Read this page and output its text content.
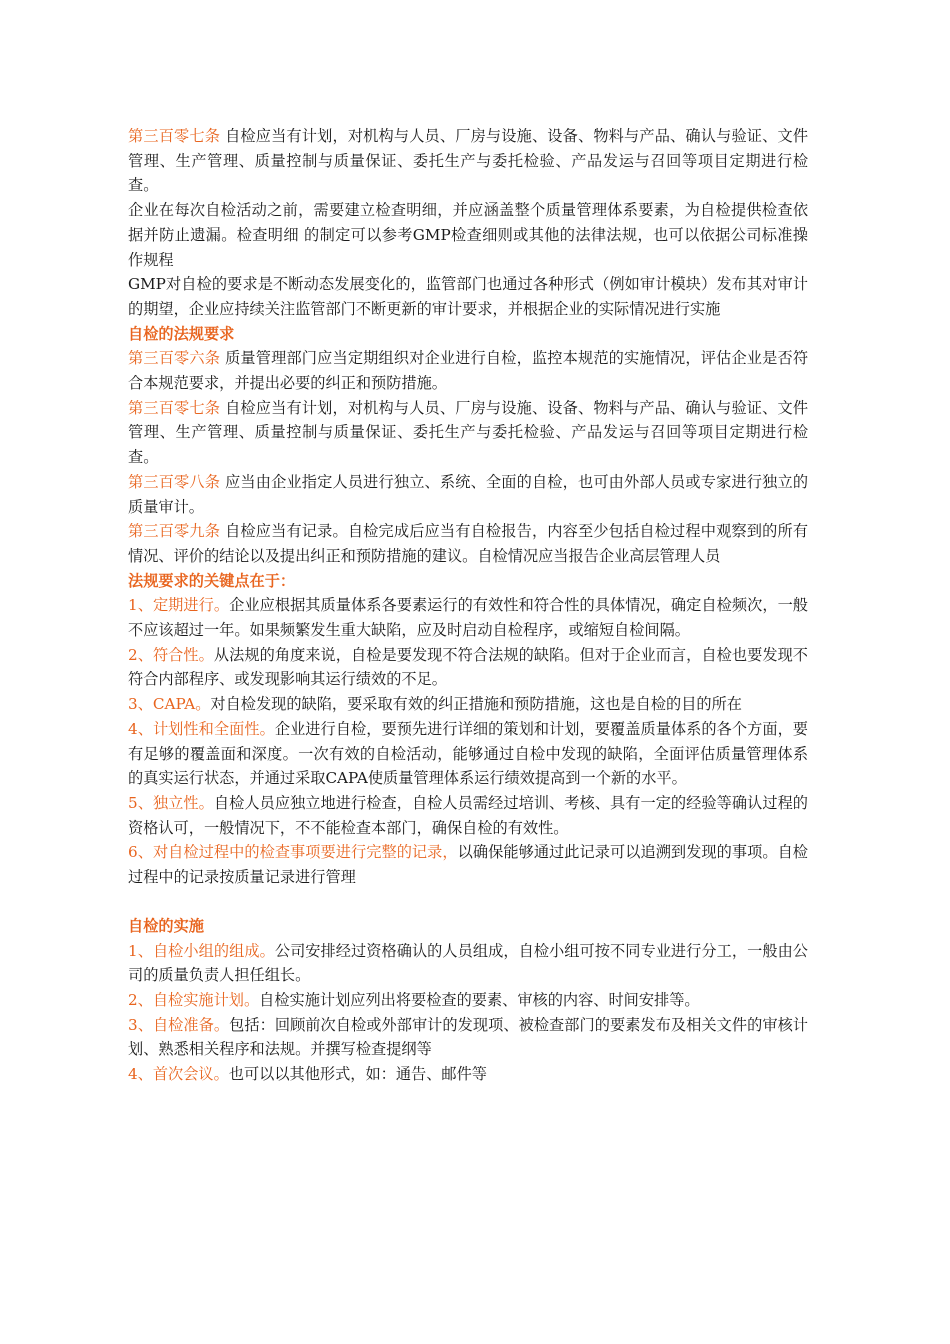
第三百零七条 自检应当有计划，对机构与人员、厂房与设施、设备、物料与产品、确认与验证、文件管理、生产管理、质量控制与质量保证、委托生产与委托检验、产品发运与召回等项目定期进行检查。

企业在每次自检活动之前，需要建立检查明细，并应涵盖整个质量管理体系要素，为自检提供检查依据并防止遗漏。检查明细 的制定可以参考GMP检查细则或其他的法律法规，也可以依据公司标准操作规程

GMP对自检的要求是不断动态发展变化的，监管部门也通过各种形式（例如审计模块）发布其对审计的期望，企业应持续关注监管部门不断更新的审计要求，并根据企业的实际情况进行实施

自检的法规要求

第三百零六条 质量管理部门应当定期组织对企业进行自检，监控本规范的实施情况，评估企业是否符合本规范要求，并提出必要的纠正和预防措施。

第三百零七条 自检应当有计划，对机构与人员、厂房与设施、设备、物料与产品、确认与验证、文件管理、生产管理、质量控制与质量保证、委托生产与委托检验、产品发运与召回等项目定期进行检查。

第三百零八条 应当由企业指定人员进行独立、系统、全面的自检，也可由外部人员或专家进行独立的质量审计。

第三百零九条 自检应当有记录。自检完成后应当有自检报告，内容至少包括自检过程中观察到的所有情况、评价的结论以及提出纠正和预防措施的建议。自检情况应当报告企业高层管理人员

法规要求的关键点在于：

1、定期进行。企业应根据其质量体系各要素运行的有效性和符合性的具体情况，确定自检频次，一般不应该超过一年。如果频繁发生重大缺陷，应及时启动自检程序，或缩短自检间隔。

2、符合性。从法规的角度来说，自检是要发现不符合法规的缺陷。但对于企业而言，自检也要发现不符合内部程序、或发现影响其运行绩效的不足。

3、CAPA。对自检发现的缺陷，要采取有效的纠正措施和预防措施，这也是自检的目的所在

4、计划性和全面性。企业进行自检，要预先进行详细的策划和计划，要覆盖质量体系的各个方面，要有足够的覆盖面和深度。一次有效的自检活动，能够通过自检中发现的缺陷，全面评估质量管理体系的真实运行状态，并通过采取CAPA使质量管理体系运行绩效提高到一个新的水平。

5、独立性。自检人员应独立地进行检查，自检人员需经过培训、考核、具有一定的经验等确认过程的资格认可，一般情况下，不不能检查本部门，确保自检的有效性。

6、对自检过程中的检查事项要进行完整的记录，以确保能够通过此记录可以追溯到发现的事项。自检过程中的记录按质量记录进行管理

自检的实施

1、自检小组的组成。公司安排经过资格确认的人员组成，自检小组可按不同专业进行分工，一般由公司的质量负责人担任组长。

2、自检实施计划。自检实施计划应列出将要检查的要素、审核的内容、时间安排等。

3、自检准备。包括：回顾前次自检或外部审计的发现项、被检查部门的要素发布及相关文件的审核计划、熟悉相关程序和法规。并撰写检查提纲等

4、首次会议。也可以以其他形式，如：通告、邮件等
